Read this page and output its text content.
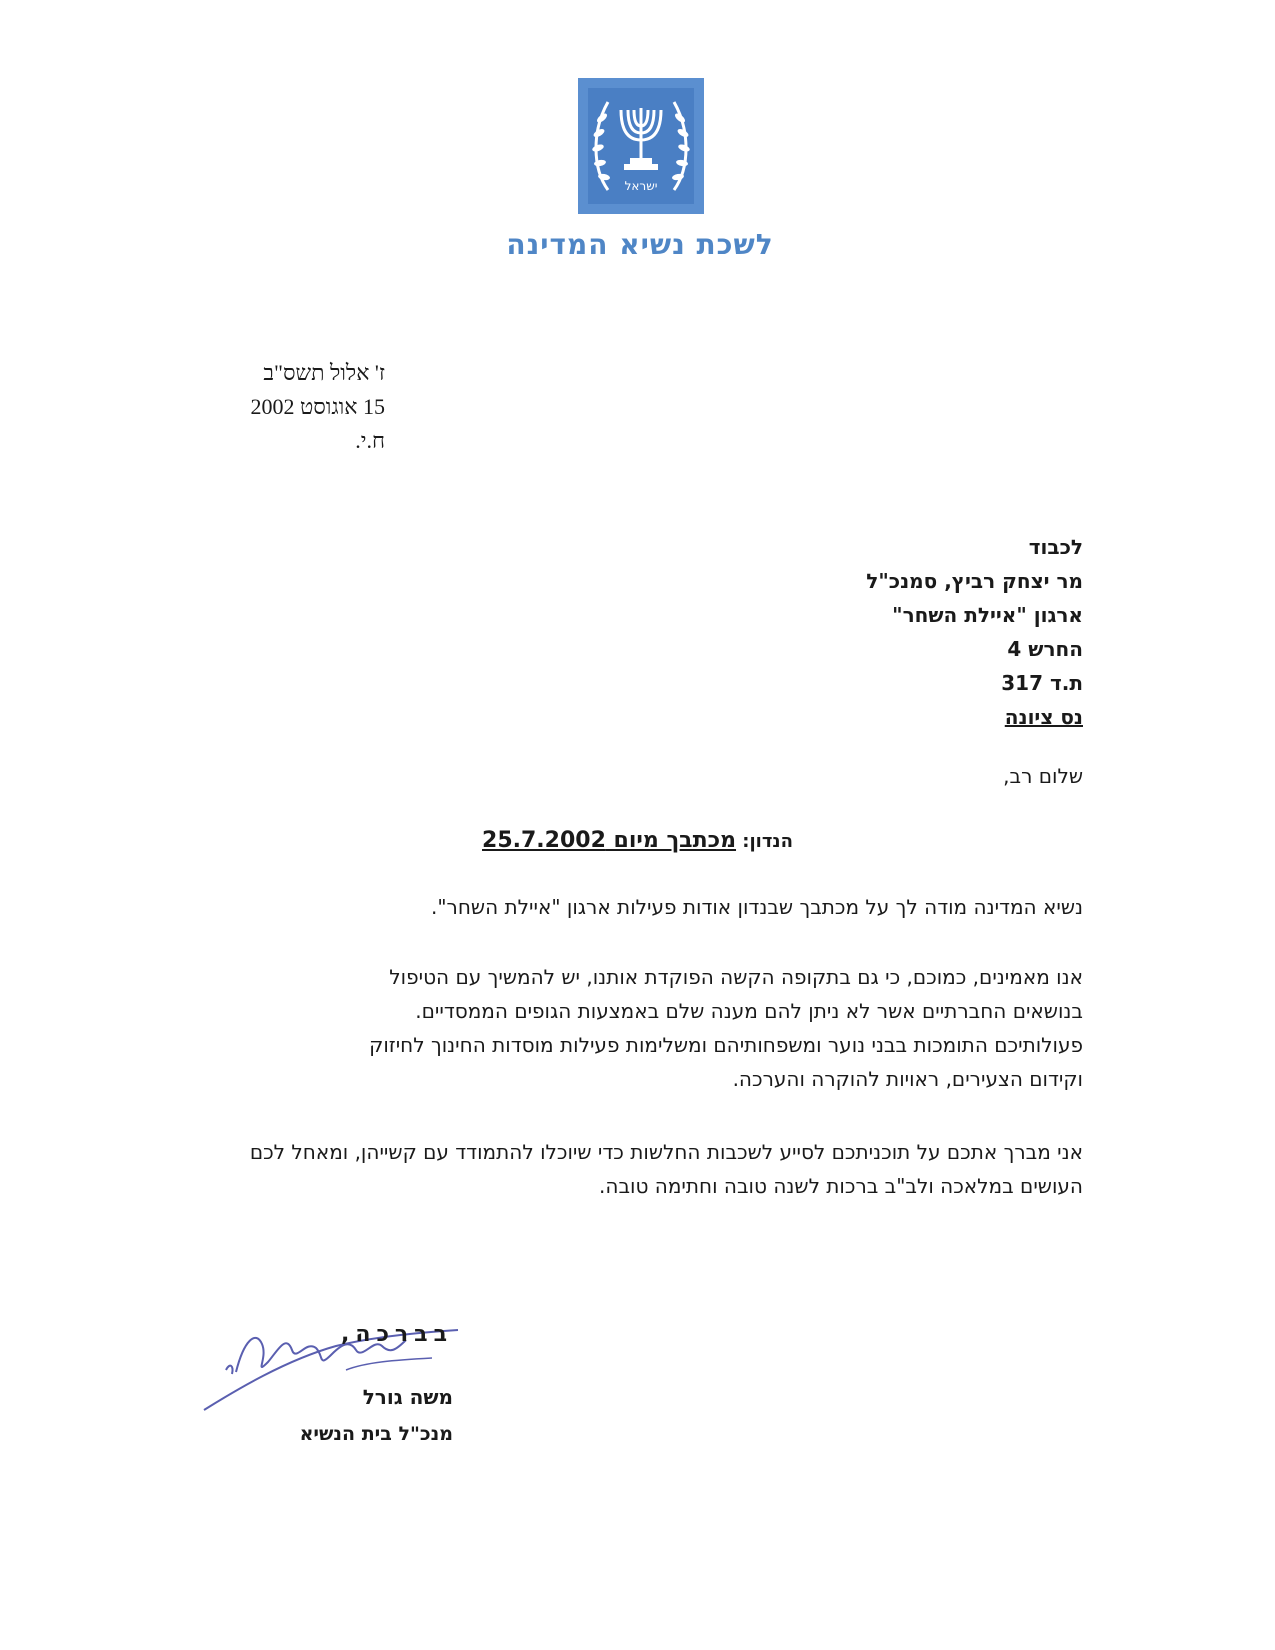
ישראל
לשכת נשיא המדינה
ז' אלול תשס"ב
15 אוגוסט 2002
ח.י.
לכבוד
מר יצחק רביץ, סמנכ"ל
ארגון "איילת השחר"
החרש 4
ת.ד 317
נס ציונה
שלום רב,
הנדון: מכתבך מיום 25.7.2002

נשיא המדינה מודה לך על מכתבך שבנדון אודות פעילות ארגון "איילת השחר".

אנו מאמינים, כמוכם, כי גם בתקופה הקשה הפוקדת אותנו, יש להמשיך עם הטיפול בנושאים החברתיים אשר לא ניתן להם מענה שלם באמצעות הגופים הממסדיים. פעולותיכם התומכות בבני נוער ומשפחותיהם ומשלימות פעילות מוסדות החינוך לחיזוק וקידום הצעירים, ראויות להוקרה והערכה.

אני מברך אתכם על תוכניתכם לסייע לשכבות החלשות כדי שיוכלו להתמודד עם קשייהן, ומאחל לכם העושים במלאכה ולב"ב ברכות לשנה טובה וחתימה טובה.

בברכה,
משה גורל
מנכ"ל בית הנשיא
